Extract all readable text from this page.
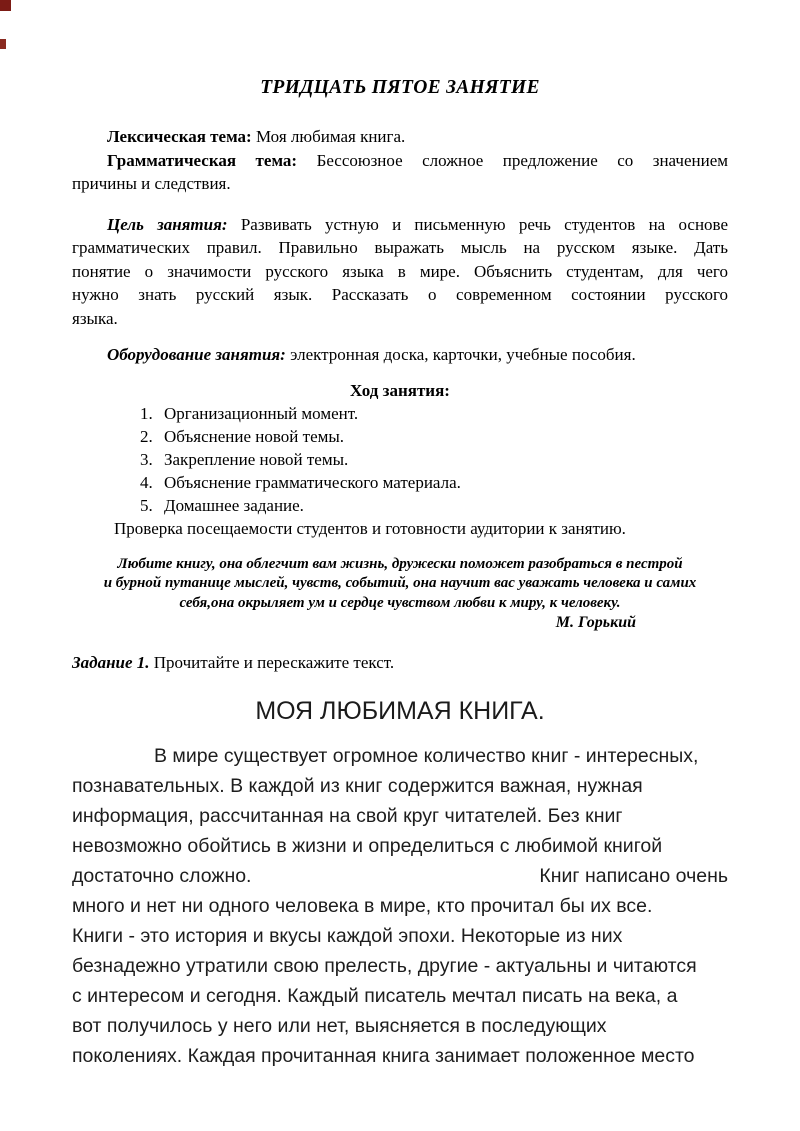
ТРИДЦАТЬ ПЯТОЕ ЗАНЯТИЕ

Лексическая тема: Моя любимая книга.

Грамматическая тема: Бессоюзное сложное предложение со значением
причины и следствия.
Цель занятия: Развивать устную и письменную речь студентов на основе
грамматических правил. Правильно выражать мысль на русском языке. Дать
понятие о значимости русского языка в мире. Объяснить студентам, для чего
нужно знать русский язык. Рассказать о современном состоянии русского
языка.

Оборудование занятия: электронная доска, карточки, учебные пособия.

Ход занятия:
1. Организационный момент.
2. Объяснение новой темы.
3. Закрепление новой темы.
4. Объяснение грамматического материала.
5. Домашнее задание.

Проверка посещаемости студентов и готовности аудитории к занятию.

Любите книгу, она облегчит вам жизнь, дружески поможет разобраться в пестрой
и бурной путанице мыслей, чувств, событий, она научит вас уважать человека и самих
себя,она окрыляет ум и сердце чувством любви к миру, к человеку.
М. Горький

Задание 1. Прочитайте и перескажите текст.

МОЯ ЛЮБИМАЯ КНИГА.
В мире существует огромное количество книг - интересных,
познавательных. В каждой из книг содержится важная, нужная
информация, рассчитанная на свой круг читателей. Без книг
невозможно обойтись в жизни и определиться с любимой книгой
достаточно сложно.	Книг написано очень
много и нет ни одного человека в мире, кто прочитал бы их все.
Книги - это история и вкусы каждой эпохи. Некоторые из них
безнадежно утратили свою прелесть, другие - актуальны и читаются
с интересом и сегодня. Каждый писатель мечтал писать на века, а
вот получилось у него или нет, выясняется в последующих
поколениях. Каждая прочитанная книга занимает положенное место
